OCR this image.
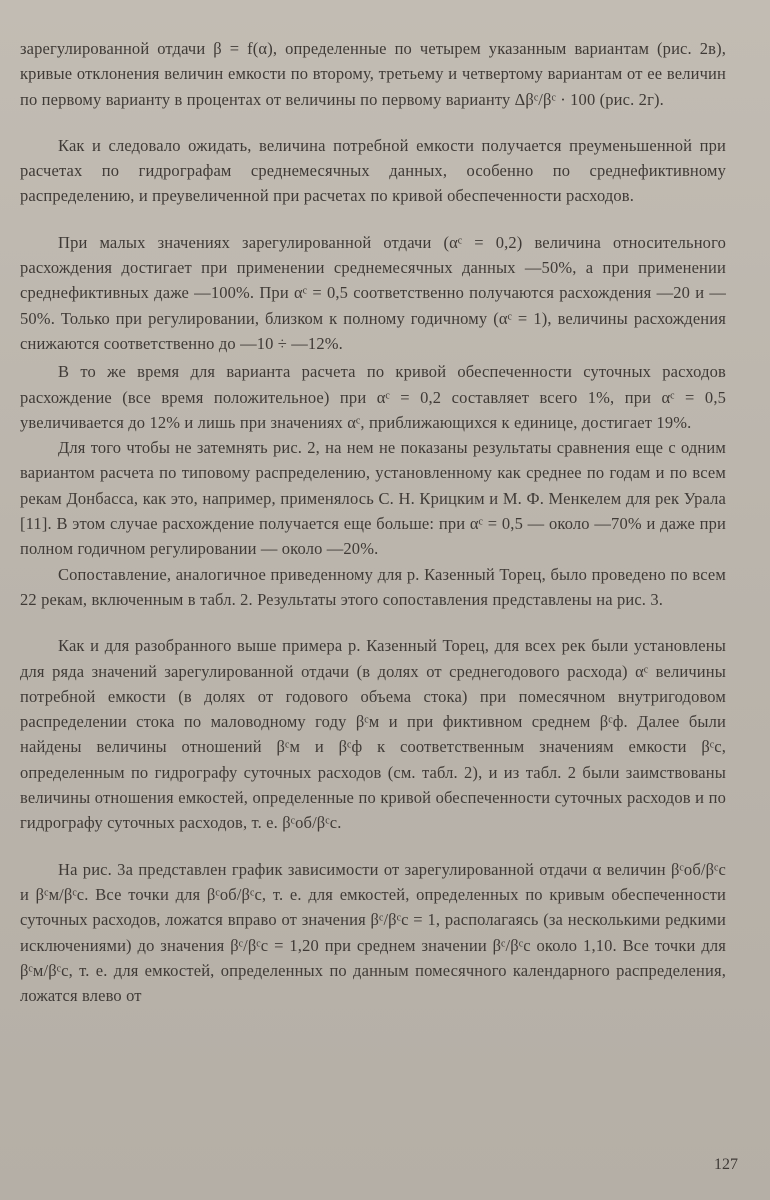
зарегулированной отдачи β = f(α), определенные по четырем указанным вариантам (рис. 2в), кривые отклонения величин емкости по второму, третьему и четвертому вариантам от ее величин по первому варианту в процентах от величины по первому варианту Δβᶜ/βᶜ · 100 (рис. 2г).

Как и следовало ожидать, величина потребной емкости получается преуменьшенной при расчетах по гидрографам среднемесячных данных, особенно по среднефиктивному распределению, и преувеличенной при расчетах по кривой обеспеченности расходов.

При малых значениях зарегулированной отдачи (αᶜ = 0,2) величина относительного расхождения достигает при применении среднемесячных данных —50%, а при применении среднефиктивных даже —100%. При αᶜ = 0,5 соответственно получаются расхождения —20 и —50%. Только при регулировании, близком к полному годичному (αᶜ = 1), величины расхождения снижаются соответственно до —10 ÷ —12%.

В то же время для варианта расчета по кривой обеспеченности суточных расходов расхождение (все время положительное) при αᶜ = 0,2 составляет всего 1%, при αᶜ = 0,5 увеличивается до 12% и лишь при значениях αᶜ, приближающихся к единице, достигает 19%.

Для того чтобы не затемнять рис. 2, на нем не показаны результаты сравнения еще с одним вариантом расчета по типовому распределению, установленному как среднее по годам и по всем рекам Донбасса, как это, например, применялось С. Н. Крицким и М. Ф. Менкелем для рек Урала [11]. В этом случае расхождение получается еще больше: при αᶜ = 0,5 — около —70% и даже при полном годичном регулировании — около —20%.

Сопоставление, аналогичное приведенному для р. Казенный Торец, было проведено по всем 22 рекам, включенным в табл. 2. Результаты этого сопоставления представлены на рис. 3.

Как и для разобранного выше примера р. Казенный Торец, для всех рек были установлены для ряда значений зарегулированной отдачи (в долях от среднегодового расхода) αᶜ величины потребной емкости (в долях от годового объема стока) при помесячном внутригодовом распределении стока по маловодному году βᶜм и при фиктивном среднем βᶜф. Далее были найдены величины отношений βᶜм и βᶜф к соответственным значениям емкости βᶜс, определенным по гидрографу суточных расходов (см. табл. 2), и из табл. 2 были заимствованы величины отношения емкостей, определенные по кривой обеспеченности суточных расходов и по гидрографу суточных расходов, т. е. βᶜоб/βᶜс.

На рис. 3а представлен график зависимости от зарегулированной отдачи α величин βᶜоб/βᶜс и βᶜм/βᶜс. Все точки для βᶜоб/βᶜс, т. е. для емкостей, определенных по кривым обеспеченности суточных расходов, ложатся вправо от значения βᶜ/βᶜс = 1, располагаясь (за несколькими редкими исключениями) до значения βᶜ/βᶜс = 1,20 при среднем значении βᶜ/βᶜс около 1,10. Все точки для βᶜм/βᶜс, т. е. для емкостей, определенных по данным помесячного календарного распределения, ложатся влево от

127
